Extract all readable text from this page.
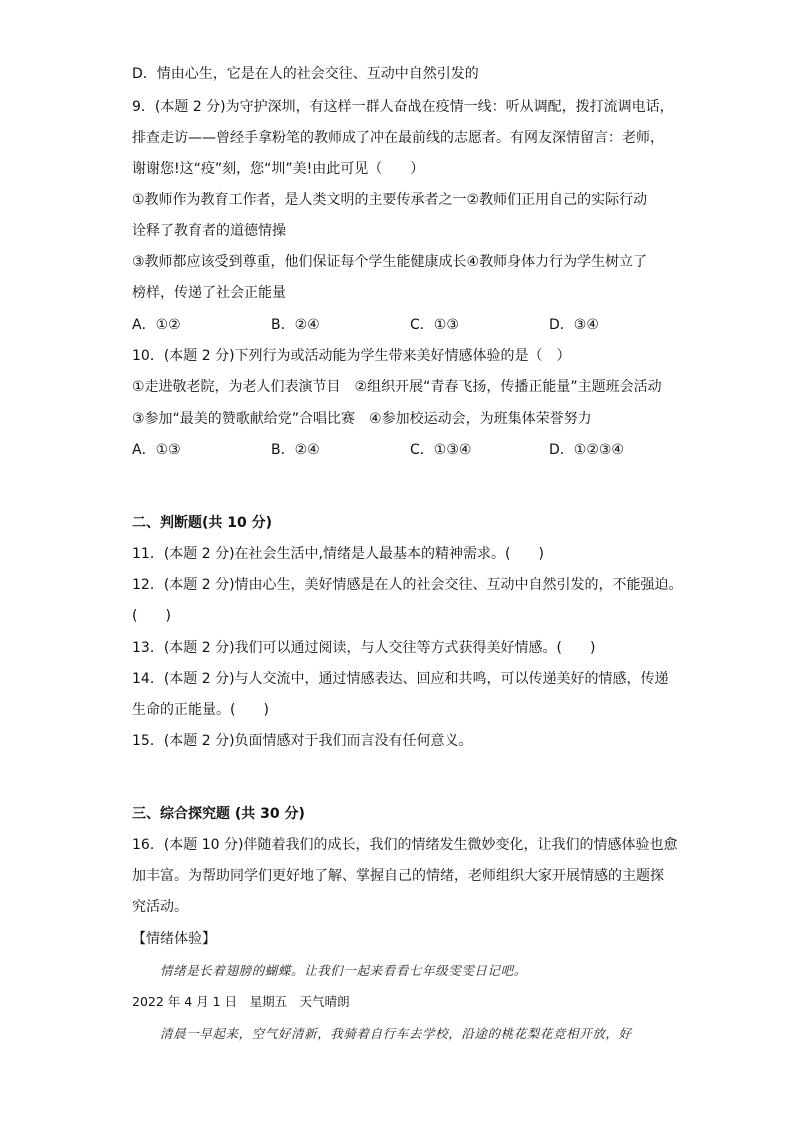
D．情由心生，它是在人的社会交往、互动中自然引发的
9．(本题 2 分)为守护深圳，有这样一群人奋战在疫情一线：听从调配，拨打流调电话，
排查走访——曾经手拿粉笔的教师成了冲在最前线的志愿者。有网友深情留言：老师，
谢谢您!这“疫”刻，您“圳”美!由此可见（　　）
①教师作为教育工作者，是人类文明的主要传承者之一②教师们正用自己的实际行动
诠释了教育者的道德情操
③教师都应该受到尊重，他们保证每个学生能健康成长④教师身体力行为学生树立了
榜样，传递了社会正能量
A．①②	B．②④	C．①③	D．③④
10．(本题 2 分)下列行为或活动能为学生带来美好情感体验的是（　）
①走进敬老院，为老人们表演节目　②组织开展“青春飞扬，传播正能量”主题班会活动
③参加“最美的赞歌献给党”合唱比赛　④参加校运动会，为班集体荣誉努力
A．①③	B．②④	C．①③④	D．①②③④
二、判断题(共 10 分)
11．(本题 2 分)在社会生活中,情绪是人最基本的精神需求。(　　)
12．(本题 2 分)情由心生，美好情感是在人的社会交往、互动中自然引发的，不能强迫。
(　　)
13．(本题 2 分)我们可以通过阅读，与人交往等方式获得美好情感。(　　)
14．(本题 2 分)与人交流中，通过情感表达、回应和共鸣，可以传递美好的情感，传递
生命的正能量。(　　)
15．(本题 2 分)负面情感对于我们而言没有任何意义。
三、综合探究题 (共 30 分)
16．(本题 10 分)伴随着我们的成长，我们的情绪发生微妙变化，让我们的情感体验也愈
加丰富。为帮助同学们更好地了解、掌握自己的情绪，老师组织大家开展情感的主题探
究活动。
【情绪体验】
情绪是长着翅膀的蝴蝶。让我们一起来看看七年级雯雯日记吧。
2022 年 4 月 1 日　星期五　天气晴朗
清晨一早起来，空气好清新，我骑着自行车去学校，沿途的桃花梨花竞相开放，好
